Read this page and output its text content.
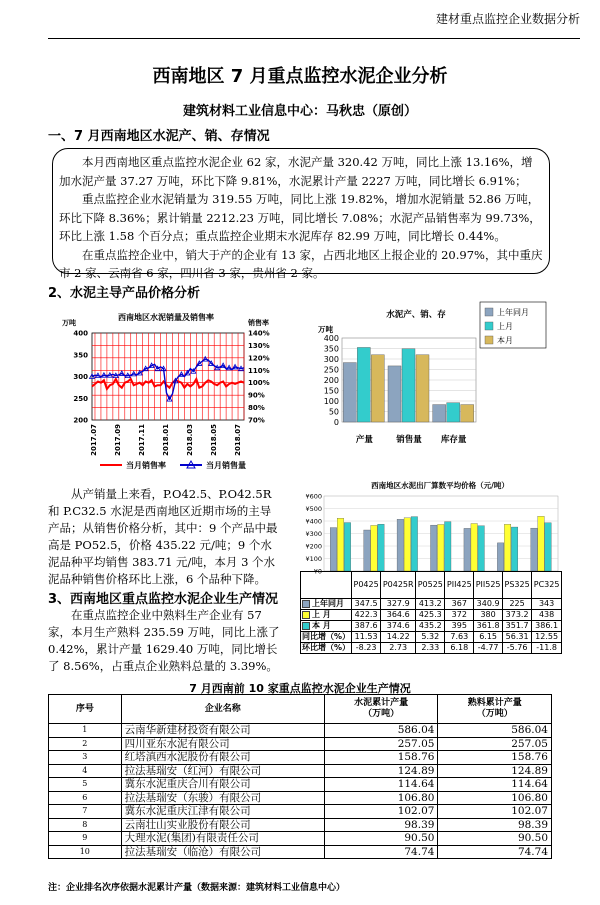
建材重点监控企业数据分析
西南地区 7 月重点监控水泥企业分析
建筑材料工业信息中心：马秋忠（原创）
一、7 月西南地区水泥产、销、存情况

本月西南地区重点监控水泥企业 62 家，水泥产量 320.42 万吨，同比上涨 13.16%，增加水泥产量 37.27 万吨，环比下降 9.81%，水泥累计产量 2227 万吨，同比增长 6.91%；

重点监控企业水泥销量为 319.55 万吨，同比上涨 19.82%，增加水泥销量 52.86 万吨，环比下降 8.36%；累计销量 2212.23 万吨，同比增长 7.08%；水泥产品销售率为 99.73%，环比上涨 1.58 个百分点；重点监控企业期末水泥库存 82.99 万吨，同比增长 0.44%。

在重点监控企业中，销大于产的企业有 13 家，占西北地区上报企业的 20.97%，其中重庆市 2 家、云南省 6 家，四川省 3 家，贵州省 2 家。

2、水泥主导产品价格分析
西南地区水泥销量及销售率
万吨	销售率
400
350
300
250
200
140%
130%
120%
110%
100%
90%
80%
70%
2017.07 2017.09 2017.11 2018.01 2018.03 2018.05 2018.07
当月销售率	当月销售量
水泥产、销、存
万吨
400
350
300
250
200
150
100
50
0
产量	销售量 库存量
上年同月
上月
本月

从产销量上来看，P.O42.5、P.O42.5R 和 P.C32.5 水泥是西南地区近期市场的主导产品；从销售价格分析，其中：9 个产品中最高是 PO52.5，价格 435.22 元/吨；9 个水泥品种平均销售 383.71 元/吨，本月 3 个水泥品种销售价格环比上涨，6 个品种下降。

西南地区水泥出厂算数平均价格（元/吨）
¥600
¥500
¥400
¥300
¥200
¥100
¥0
	P0425	P0425R	P0525	PII425	PII525	PS325	PC325
上年同月	347.5	327.9	413.2	367	340.9	225	343
上 月	422.3	364.6	425.3	372	380	373.2	438
本 月	387.6	374.6	435.2	395	361.8	351.7	386.1
同比增（%）	11.53	14.22	5.32	7.63	6.15	56.31	12.55
环比增（%）	-8.23	2.73	2.33	6.18	-4.77	-5.76	-11.8
3、西南地区重点监控水泥企业生产情况

在重点监控企业中熟料生产企业有 57 家，本月生产熟料 235.59 万吨，同比上涨了 0.42%，累计产量 1629.40 万吨，同比增长了 8.56%，占重点企业熟料总量的 3.39%。

7 月西南前 10 家重点监控水泥企业生产情况
序号	企业名称	水泥累计产量
（万吨）	熟料累计产量
（万吨）
1	云南华新建材投资有限公司	586.04	586.04
2	四川亚东水泥有限公司	257.05	257.05
3	红塔滇西水泥股份有限公司	158.76	158.76
4	拉法基瑞安（红河）有限公司	124.89	124.89
5	冀东水泥重庆合川有限公司	114.64	114.64
6	拉法基瑞安（东骏）有限公司	106.80	106.80
7	冀东水泥重庆江津有限公司	102.07	102.07
8	云南壮山实业股份有限公司	98.39	98.39
9	大理水泥(集团)有限责任公司	90.50	90.50
10	拉法基瑞安（临沧）有限公司	74.74	74.74
注：企业排名次序依据水泥累计产量（数据来源：建筑材料工业信息中心）
